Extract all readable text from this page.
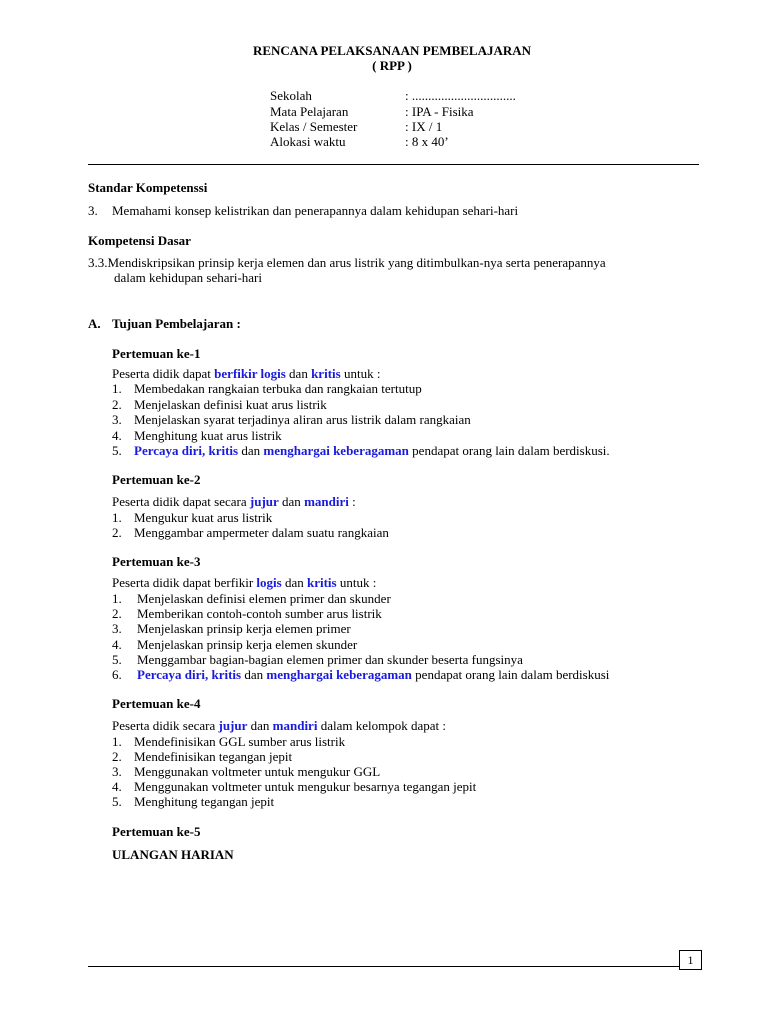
RENCANA PELAKSANAAN PEMBELAJARAN
( RPP )
Sekolah	: ................................
Mata Pelajaran	: IPA - Fisika
Kelas / Semester	: IX / 1
Alokasi waktu	: 8 x 40’
Standar Kompetenssi
3. Memahami konsep kelistrikan dan penerapannya dalam kehidupan sehari-hari
Kompetensi Dasar
3.3.Mendiskripsikan prinsip kerja elemen dan arus listrik yang ditimbulkan-nya serta penerapannya
dalam kehidupan sehari-hari
A. Tujuan Pembelajaran :
Pertemuan ke-1
Peserta didik dapat berfikir logis dan kritis untuk :
1. Membedakan rangkaian terbuka dan rangkaian tertutup
2. Menjelaskan definisi kuat arus listrik
3. Menjelaskan syarat terjadinya aliran arus listrik dalam rangkaian
4. Menghitung kuat arus listrik
5. Percaya diri, kritis dan menghargai keberagaman pendapat orang lain dalam berdiskusi.
Pertemuan ke-2
Peserta didik dapat secara jujur dan mandiri :
1. Mengukur kuat arus listrik
2. Menggambar ampermeter dalam suatu rangkaian
Pertemuan ke-3
Peserta didik dapat berfikir logis dan kritis untuk :
1. Menjelaskan definisi elemen primer dan skunder
2. Memberikan contoh-contoh sumber arus listrik
3. Menjelaskan prinsip kerja elemen primer
4. Menjelaskan prinsip kerja elemen skunder
5. Menggambar bagian-bagian elemen primer dan skunder beserta fungsinya
6. Percaya diri, kritis dan menghargai keberagaman pendapat orang lain dalam berdiskusi
Pertemuan ke-4
Peserta didik secara jujur dan mandiri dalam kelompok dapat :
1. Mendefinisikan GGL sumber arus listrik
2. Mendefinisikan tegangan jepit
3. Menggunakan voltmeter untuk mengukur GGL
4. Menggunakan voltmeter untuk mengukur besarnya tegangan jepit
5. Menghitung tegangan jepit
Pertemuan ke-5
ULANGAN HARIAN
1
